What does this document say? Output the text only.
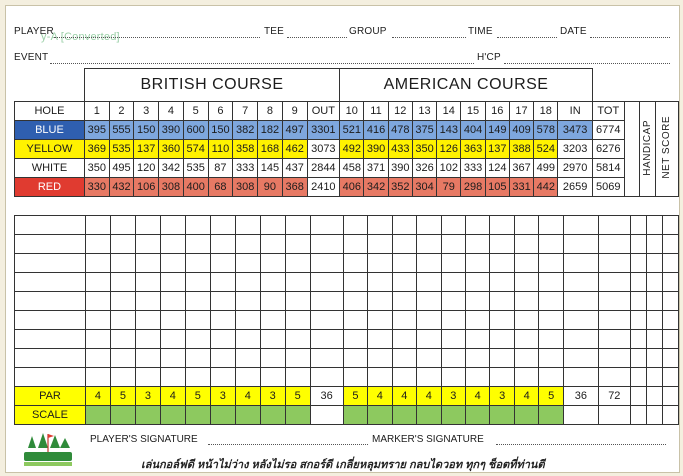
PLAYER
y-A [Converted]	TEE	GROUP	TIME	DATE
EVENT	H'CP
	BRITISH COURSE										AMERICAN COURSE													
HOLE	1	2	3	4	5	6	7	8	9	OUT	10	11	12	13	14	15	16	17	18	IN	TOT		HANDICAP	NET SCORE
BLUE	395	555	150	390	600	150	382	182	497	3301	521	416	478	375	143	404	149	409	578	3473	6774			
YELLOW	369	535	137	360	574	110	358	168	462	3073	492	390	433	350	126	363	137	388	524	3203	6276			
WHITE	350	495	120	342	535	87	333	145	437	2844	458	371	390	326	102	333	124	367	499	2970	5814			
RED	330	432	106	308	400	68	308	90	368	2410	406	342	352	304	79	298	105	331	442	2659	5069			

PAR	4	5	3	4	5	3	4	3	5	36	5	4	4	4	3	4	3	4	5	36	72			
SCALE																								
PLAYER'S SIGNATURE	MARKER'S SIGNATURE
เล่นกอล์ฟดี หน้าไม่ว่าง หลังไม่รอ สกอร์ดี เกลี่ยหลุมทราย กลบไดวอท ทุกๆ ช็อตที่ท่านตี
